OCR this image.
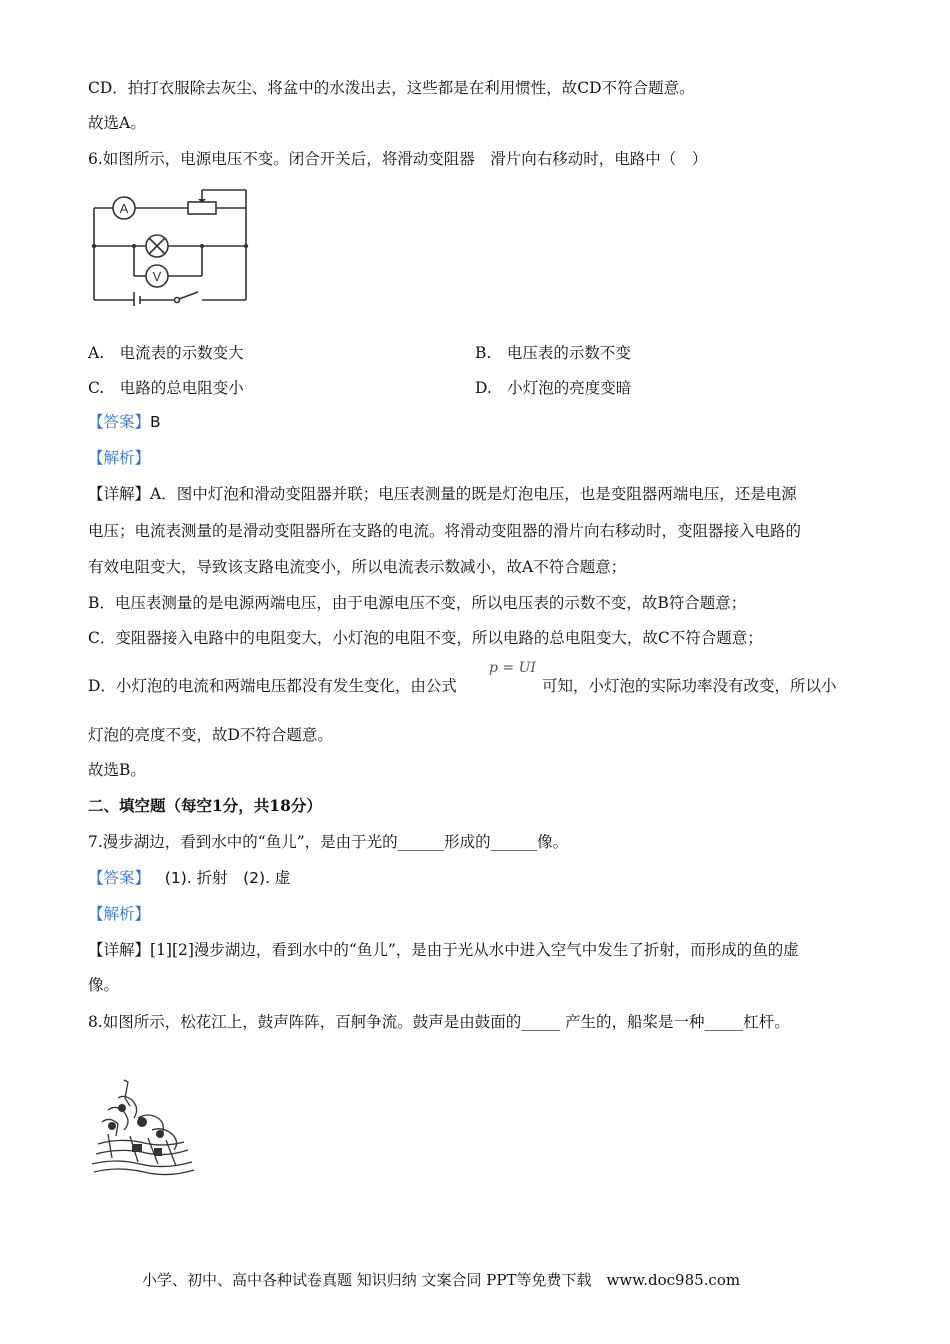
CD．拍打衣服除去灰尘、将盆中的水泼出去，这些都是在利用惯性，故CD不符合题意。
故选A。
6.如图所示，电源电压不变。闭合开关后，将滑动变阻器　滑片向右移动时，电路中（　）
A
V
A.　电流表的示数变大	B.　电压表的示数不变
C.　电路的总电阻变小	D.　小灯泡的亮度变暗
【答案】B
【解析】
【详解】A．图中灯泡和滑动变阻器并联；电压表测量的既是灯泡电压，也是变阻器两端电压，还是电源
电压；电流表测量的是滑动变阻器所在支路的电流。将滑动变阻器的滑片向右移动时，变阻器接入电路的
有效电阻变大，导致该支路电流变小，所以电流表示数减小，故A不符合题意；
B．电压表测量的是电源两端电压，由于电源电压不变，所以电压表的示数不变，故B符合题意；
C．变阻器接入电路中的电阻变大，小灯泡的电阻不变，所以电路的总电阻变大，故C不符合题意；
D．小灯泡的电流和两端电压都没有发生变化，由公式
p = UI
可知，小灯泡的实际功率没有改变，所以小
灯泡的亮度不变，故D不符合题意。
故选B。
二、填空题（每空1分，共18分）
7.漫步湖边，看到水中的“鱼儿”，是由于光的______形成的______像。
【答案】 (1). 折射　(2). 虚
【解析】
【详解】[1][2]漫步湖边，看到水中的“鱼儿”，是由于光从水中进入空气中发生了折射，而形成的鱼的虚
像。
8.如图所示，松花江上，鼓声阵阵，百舸争流。鼓声是由鼓面的_____ 产生的，船桨是一种_____杠杆。
小学、初中、高中各种试卷真题 知识归纳 文案合同 PPT等免费下载　www.doc985.com
